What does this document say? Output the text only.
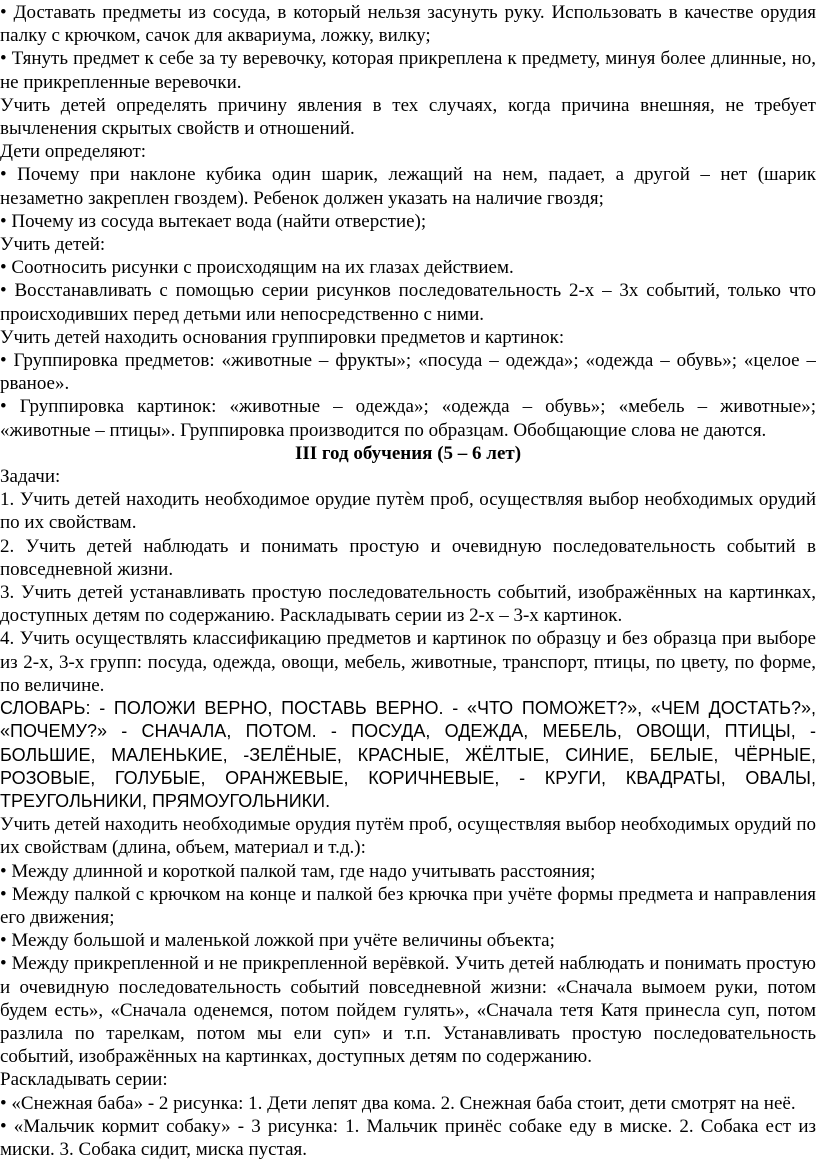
• Доставать предметы из сосуда, в который нельзя засунуть руку. Использовать в качестве орудия палку с крючком, сачок для аквариума, ложку, вилку;

• Тянуть предмет к себе за ту веревочку, которая прикреплена к предмету, минуя более длинные, но, не прикрепленные веревочки.

Учить детей определять причину явления в тех случаях, когда причина внешняя, не требует вычленения скрытых свойств и отношений.

Дети определяют:

• Почему при наклоне кубика один шарик, лежащий на нем, падает, а другой – нет (шарик незаметно закреплен гвоздем). Ребенок должен указать на наличие гвоздя;

• Почему из сосуда вытекает вода (найти отверстие);

Учить детей:

• Соотносить рисунки с происходящим на их глазах действием.

• Восстанавливать с помощью серии рисунков последовательность 2-х – 3х событий, только что происходивших перед детьми или непосредственно с ними.

Учить детей находить основания группировки предметов и картинок:

• Группировка предметов: «животные – фрукты»; «посуда – одежда»; «одежда – обувь»; «целое – рваное».

• Группировка картинок: «животные – одежда»; «одежда – обувь»; «мебель – животные»; «животные – птицы». Группировка производится по образцам. Обобщающие слова не даются.

III год обучения (5 – 6 лет)

Задачи:

1. Учить детей находить необходимое орудие путѐм проб, осуществляя выбор необходимых орудий по их свойствам.

2. Учить детей наблюдать и понимать простую и очевидную последовательность событий в повседневной жизни.

3. Учить детей устанавливать простую последовательность событий, изображённых на картинках, доступных детям по содержанию. Раскладывать серии из 2-х – 3-х картинок.

4. Учить осуществлять классификацию предметов и картинок по образцу и без образца при выборе из 2-х, 3-х групп: посуда, одежда, овощи, мебель, животные, транспорт, птицы, по цвету, по форме, по величине.

СЛОВАРЬ: - ПОЛОЖИ ВЕРНО, ПОСТАВЬ ВЕРНО. - «ЧТО ПОМОЖЕТ?», «ЧЕМ ДОСТАТЬ?», «ПОЧЕМУ?» - СНАЧАЛА, ПОТОМ. - ПОСУДА, ОДЕЖДА, МЕБЕЛЬ, ОВОЩИ, ПТИЦЫ, - БОЛЬШИЕ, МАЛЕНЬКИЕ, -ЗЕЛЁНЫЕ, КРАСНЫЕ, ЖЁЛТЫЕ, СИНИЕ, БЕЛЫЕ, ЧЁРНЫЕ, РОЗОВЫЕ, ГОЛУБЫЕ, ОРАНЖЕВЫЕ, КОРИЧНЕВЫЕ, - КРУГИ, КВАДРАТЫ, ОВАЛЫ, ТРЕУГОЛЬНИКИ, ПРЯМОУГОЛЬНИКИ.

Учить детей находить необходимые орудия путём проб, осуществляя выбор необходимых орудий по их свойствам (длина, объем, материал и т.д.):

• Между длинной и короткой палкой там, где надо учитывать расстояния;

• Между палкой с крючком на конце и палкой без крючка при учёте формы предмета и направления его движения;

• Между большой и маленькой ложкой при учёте величины объекта;

• Между прикрепленной и не прикрепленной верёвкой. Учить детей наблюдать и понимать простую и очевидную последовательность событий повседневной жизни: «Сначала вымоем руки, потом будем есть», «Сначала оденемся, потом пойдем гулять», «Сначала тетя Катя принесла суп, потом разлила по тарелкам, потом мы ели суп» и т.п. Устанавливать простую последовательность событий, изображённых на картинках, доступных детям по содержанию.

Раскладывать серии:

• «Снежная баба» - 2 рисунка: 1. Дети лепят два кома. 2. Снежная баба стоит, дети смотрят на неё.

• «Мальчик кормит собаку» - 3 рисунка: 1. Мальчик принёс собаке еду в миске. 2. Собака ест из миски. 3. Собака сидит, миска пустая.
